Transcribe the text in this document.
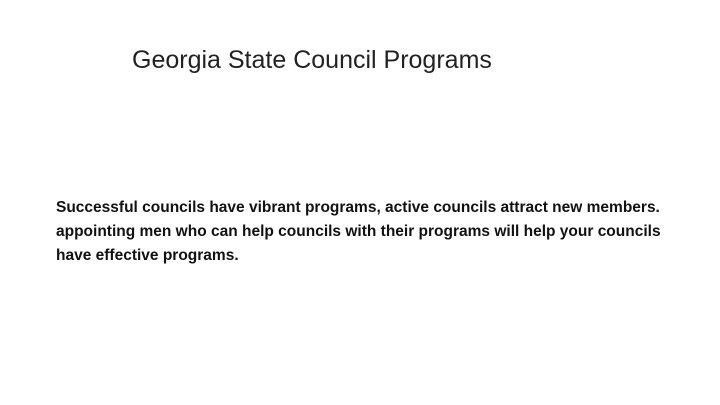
Georgia State Council Programs

Successful councils have vibrant programs, active councils attract new members. appointing men who can help councils with their programs will help your councils have effective programs.
